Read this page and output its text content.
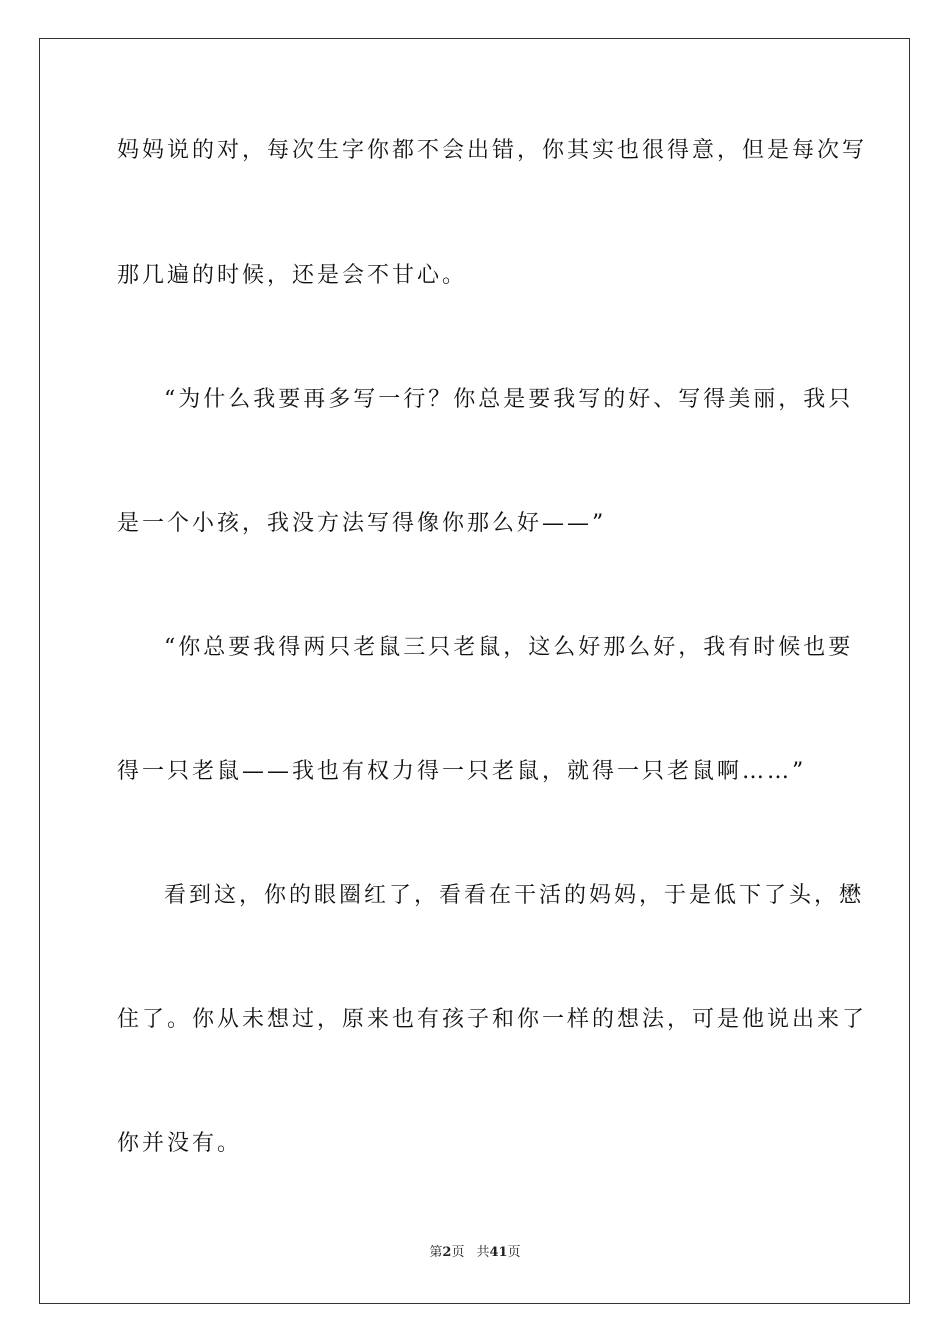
妈妈说的对，每次生字你都不会出错，你其实也很得意，但是每次写
那几遍的时候，还是会不甘心。
“为什么我要再多写一行？你总是要我写的好、写得美丽，我只
是一个小孩，我没方法写得像你那么好——”
“你总要我得两只老鼠三只老鼠，这么好那么好，我有时候也要
得一只老鼠——我也有权力得一只老鼠，就得一只老鼠啊……”
看到这，你的眼圈红了，看看在干活的妈妈，于是低下了头，懋
住了。你从未想过，原来也有孩子和你一样的想法，可是他说出来了
你并没有。
第2页 共41页
